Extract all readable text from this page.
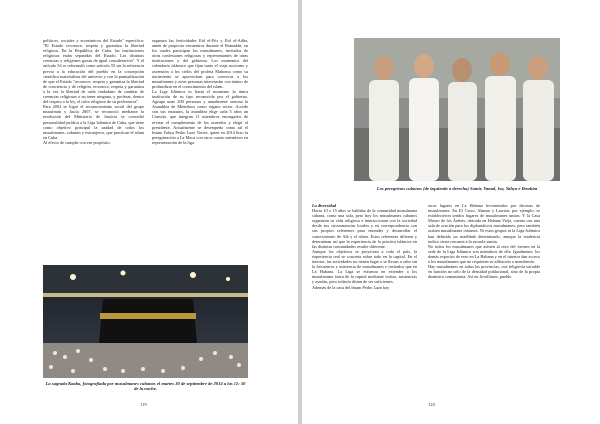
políticos, sociales y económicos del Estado" especifica: "El Estado reconoce, respeta y garantiza la libertad religiosa. En la República de Cuba, las instituciones religiosas están separadas del Estado. Las distintas creencias y religiones gozan de igual consideración". Y el artículo 54 se reformuló como artículo 55 sin la referencia previa a la educación del pueblo en la concepción científica materialista del universo y con la puntualización de que el Estado "reconoce, respeta y garantiza la libertad de conciencia y de religión, reconoce, respeta y garantiza a la vez la libertad de cada ciudadano de cambiar de creencias religiosas o no tener ninguna, y profesar, dentro del respeto a la ley, el culto religioso de su preferencia".

Para 2002 se logró el reconocimiento social del grupo musulmán y hacia 2007, se reconoció mediante la resolución del Ministerio de Justicia se concedió personalidad jurídica a la Liga Islámica de Cuba, que tiene como objetivo principal la unidad de todos los musulmanes, cubanos y extranjeros, que practican el islam en Cuba.

Al efecto de cumplir con ese propósito,

organiza las festividades Eid el-Fitr y Eid el-Adha, amén de propiciar encuentros durante el Ramadán, en los cuales participan los musulmanes, invitados de otras confesiones religiosas y representantes de otras instituciones y del gobierno. Los momentos del calendario islámico que fijan tanto el viaje nocturno y ascensión a los cielos del profeta Mahoma como su nacimiento se aprovechan para convocar a los musulmanes y otras personas interesadas con ánimo de profundizar en el conocimiento del islam.

La Liga Islámica es hasta el momento la única institución de su tipo reconocida por el gobierno. Agrupa unas 200 personas y anualmente sesiona la Asamblea de Miembros como órgano rector. Acorde con sus estatutos, la asamblea elige cada 5 años un Consejo, que integran 11 miembros encargados de revisar el cumplimiento de los acuerdos y elegir al presidente. Actualmente se desempeña como tal el Imam Yahya Pedro Lazo Torres, quien en 2014 hizo la peregrinación a La Meca con otros cuatro miembros en representación de la liga.

La sagrada Kaaba, fotografiada por musulmanes cubanos el martes 30 de septiembre de 2014 a las 11: 50 de la noche.
119
Los peregrinos cubanos (de izquierda a derecha) Samir, Yamal, Isa, Yahya e Ibrahim

La diversidad

Hacia 10 o 15 años se hablaba de la comunidad musulmana cubana, como una sola, pero hoy los musulmanes cubanos organizan su vida religiosa e interaccionan con la sociedad desde sus circunstancias locales y en correspondencia con sus propios referentes para entender y desarrollar el conocimiento de Alá y el islam. Estos referentes difieren y determinan así que la experiencia de la práctica islámica en las distintas comunidades resulte diferente.

Aunque los objetivos se proyectan a todo el país, la experiencia real se concreta sobre todo en la capital. En el interior, las actividades no tienen lugar o se llevan a cabo sin la frecuencia y asistencia de musulmanes e invitados que en La Habana. La Liga se esfuerza en extender a los musulmanes fuera de la capital mediante visitas, asistencias y ayudas, pero todavía distan de ser suficientes.

Además de la casa del Imam Pedro Lazo hay

otros lugares en La Habana frecuentados por decenas de musulmanes. En El Cerro, Alamar y Lawton, por ejemplo, se establecieron sendos lugares de musulmanes unitas. Y la Casa Museo de los Árabes, ubicada en Habana Vieja, cuenta con una sala de oración para los diplomáticos musulmanes, pero también asisten musulmanes cubanos. Ni estos grupos ni la Liga Islámica han definido un madhhab determinado, aunque la tendencia indica cierta cercanía a la escuela sunita.

No todos los musulmanes que asisten al rezo del viernes en la sede de la Liga Islámica son miembros de ella. Igualmente, los demás espacios de rezo en La Habana y en el interior dan acceso a los musulmanes que no requieren su afiliación o membresía.

Hay musulmanes en todas las provincias, con feligresía variable en función no sólo de la densidad poblacional, sino de la propia dinámica comunitaria. Así en Jovellanos, pueblo

120
